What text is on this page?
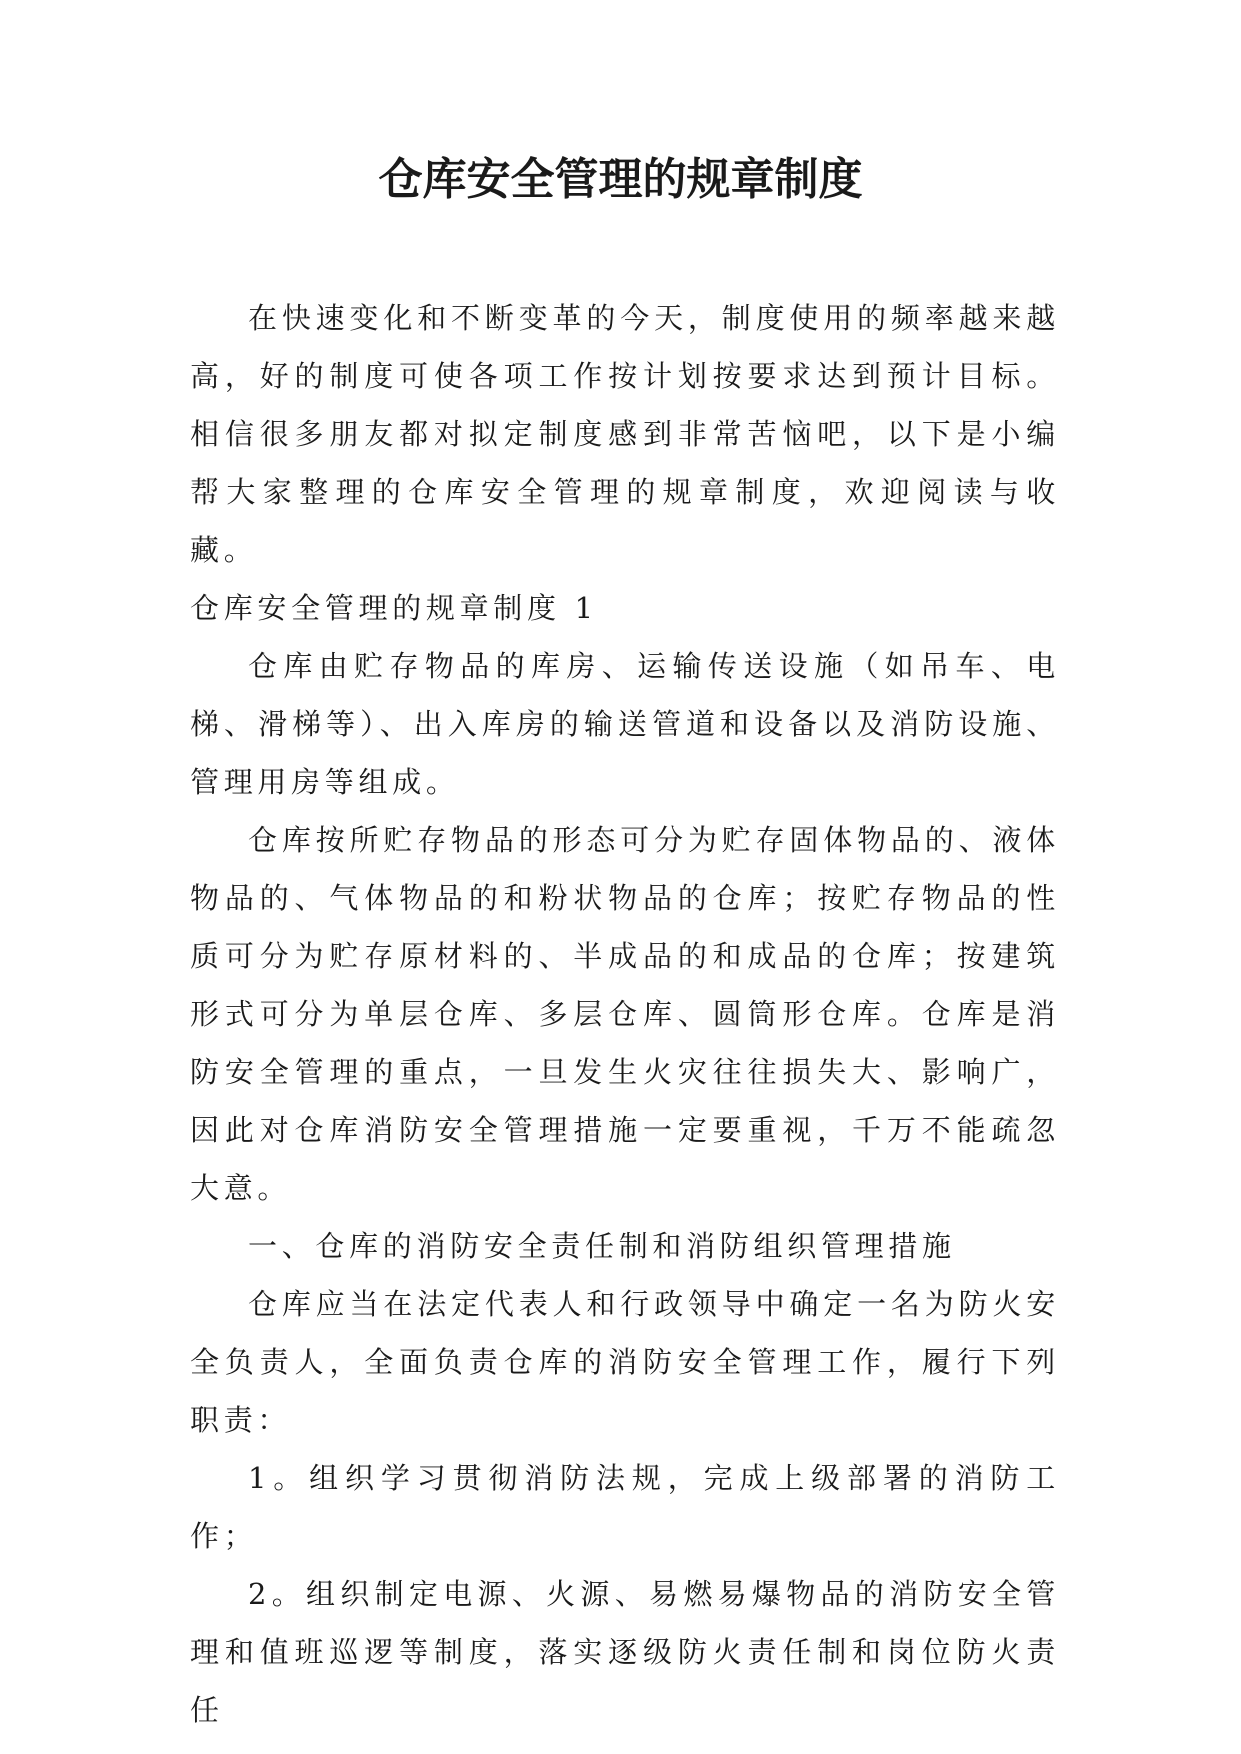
仓库安全管理的规章制度

在快速变化和不断变革的今天，制度使用的频率越来越高，好的制度可使各项工作按计划按要求达到预计目标。相信很多朋友都对拟定制度感到非常苦恼吧，以下是小编帮大家整理的仓库安全管理的规章制度，欢迎阅读与收藏。

仓库安全管理的规章制度 1

仓库由贮存物品的库房、运输传送设施（如吊车、电梯、滑梯等）、出入库房的输送管道和设备以及消防设施、管理用房等组成。

仓库按所贮存物品的形态可分为贮存固体物品的、液体物品的、气体物品的和粉状物品的仓库；按贮存物品的性质可分为贮存原材料的、半成品的和成品的仓库；按建筑形式可分为单层仓库、多层仓库、圆筒形仓库。仓库是消防安全管理的重点，一旦发生火灾往往损失大、影响广，因此对仓库消防安全管理措施一定要重视，千万不能疏忽大意。

一、仓库的消防安全责任制和消防组织管理措施

仓库应当在法定代表人和行政领导中确定一名为防火安全负责人，全面负责仓库的消防安全管理工作，履行下列职责：

1。组织学习贯彻消防法规，完成上级部署的消防工作；

2。组织制定电源、火源、易燃易爆物品的消防安全管理和值班巡逻等制度，落实逐级防火责任制和岗位防火责任
